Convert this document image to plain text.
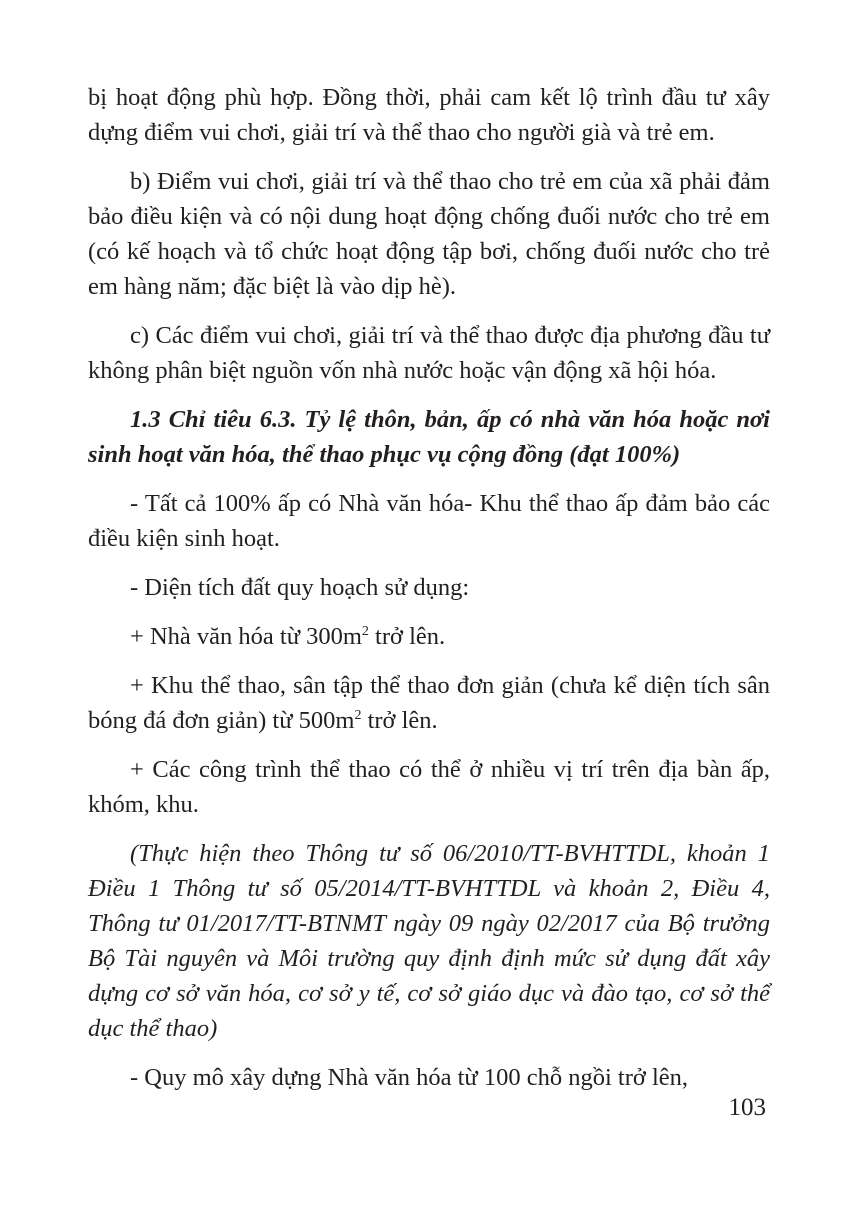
bị hoạt động phù hợp. Đồng thời, phải cam kết lộ trình đầu tư xây dựng điểm vui chơi, giải trí và thể thao cho người già và trẻ em.

b) Điểm vui chơi, giải trí và thể thao cho trẻ em của xã phải đảm bảo điều kiện và có nội dung hoạt động chống đuối nước cho trẻ em (có kế hoạch và tổ chức hoạt động tập bơi, chống đuối nước cho trẻ em hàng năm; đặc biệt là vào dịp hè).

c) Các điểm vui chơi, giải trí và thể thao được địa phương đầu tư không phân biệt nguồn vốn nhà nước hoặc vận động xã hội hóa.

1.3 Chỉ tiêu 6.3. Tỷ lệ thôn, bản, ấp có nhà văn hóa hoặc nơi sinh hoạt văn hóa, thể thao phục vụ cộng đồng (đạt 100%)

- Tất cả 100% ấp có Nhà văn hóa- Khu thể thao ấp đảm bảo các điều kiện sinh hoạt.

- Diện tích đất quy hoạch sử dụng:

+ Nhà văn hóa từ $300m^2$ trở lên.

+ Khu thể thao, sân tập thể thao đơn giản (chưa kể diện tích sân bóng đá đơn giản) từ $500m^2$ trở lên.

+ Các công trình thể thao có thể ở nhiều vị trí trên địa bàn ấp, khóm, khu.

(Thực hiện theo Thông tư số 06/2010/TT-BVHTTDL, khoản 1 Điều 1 Thông tư số 05/2014/TT-BVHTTDL và khoản 2, Điều 4, Thông tư 01/2017/TT-BTNMT ngày 09 ngày 02/2017 của Bộ trưởng Bộ Tài nguyên và Môi trường quy định định mức sử dụng đất xây dựng cơ sở văn hóa, cơ sở y tế, cơ sở giáo dục và đào tạo, cơ sở thể dục thể thao)

- Quy mô xây dựng Nhà văn hóa từ 100 chỗ ngồi trở lên,

103
